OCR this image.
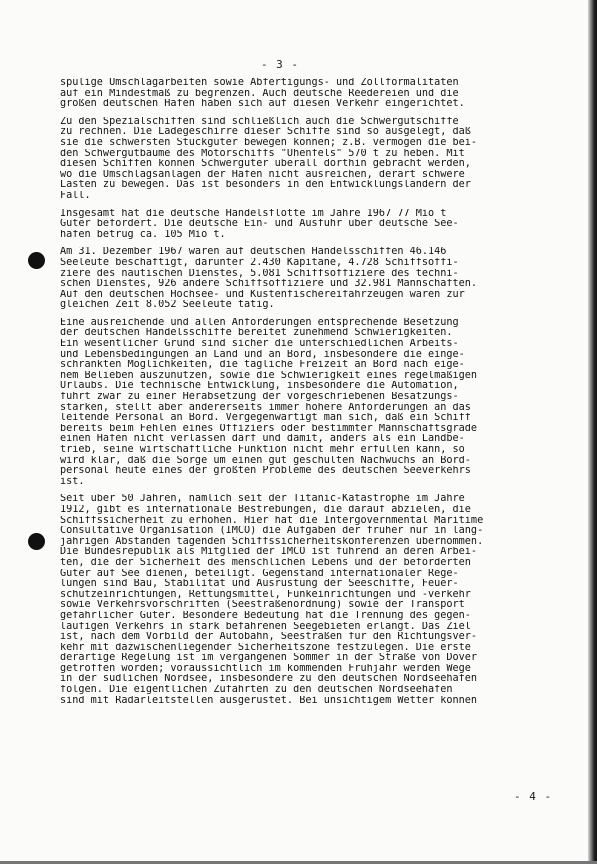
- 3 -

spülige Umschlagarbeiten sowie Abfertigungs- und Zollformalitäten
auf ein Mindestmaß zu begrenzen. Auch deutsche Reedereien und die
großen deutschen Häfen haben sich auf diesen Verkehr eingerichtet.

Zu den Spezialschiffen sind schließlich auch die Schwergutschiffe
zu rechnen. Die Ladegeschirre dieser Schiffe sind so ausgelegt, daß
sie die schwersten Stückgüter bewegen können; z.B. vermögen die bei-
den Schwergutbäume des Motorschiffs "Uhenfels" 570 t zu heben. Mit
diesen Schiffen können Schwergüter überall dorthin gebracht werden,
wo die Umschlagsanlagen der Häfen nicht ausreichen, derart schwere
Lasten zu bewegen. Das ist besonders in den Entwicklungsländern der
Fall.

Insgesamt hat die deutsche Handelsflotte im Jahre 1967 77 Mio t
Güter befördert. Die deutsche Ein- und Ausfuhr über deutsche See-
häfen betrug ca. 105 Mio t.

Am 31. Dezember 1967 waren auf deutschen Handelsschiffen 46.146
Seeleute beschäftigt, darunter 2.430 Kapitäne, 4.728 Schiffsoffi-
ziere des nautischen Dienstes, 5.081 Schiffsoffiziere des techni-
schen Dienstes, 926 andere Schiffsoffiziere und 32.981 Mannschaften.
Auf den deutschen Hochsee- und Küstenfischereifahrzeugen waren zur
gleichen Zeit 8.052 Seeleute tätig.

Eine ausreichende und allen Anforderungen entsprechende Besetzung
der deutschen Handelsschiffe bereitet zunehmend Schwierigkeiten.
Ein wesentlicher Grund sind sicher die unterschiedlichen Arbeits-
und Lebensbedingungen an Land und an Bord, insbesondere die einge-
schränkten Möglichkeiten, die tägliche Freizeit an Bord nach eige-
nem Belieben auszunutzen, sowie die Schwierigkeit eines regelmäßigen
Urlaubs. Die technische Entwicklung, insbesondere die Automation,
führt zwar zu einer Herabsetzung der vorgeschriebenen Besatzungs-
stärken, stellt aber andererseits immer höhere Anforderungen an das
leitende Personal an Bord. Vergegenwärtigt man sich, daß ein Schiff
bereits beim Fehlen eines Offiziers oder bestimmter Mannschaftsgrade
einen Hafen nicht verlassen darf und damit, anders als ein Landbe-
trieb, seine wirtschaftliche Funktion nicht mehr erfüllen kann, so
wird klar, daß die Sorge um einen gut geschulten Nachwuchs an Bord-
personal heute eines der größten Probleme des deutschen Seeverkehrs
ist.

Seit über 50 Jahren, nämlich seit der Titanic-Katastrophe im Jahre
1912, gibt es internationale Bestrebungen, die darauf abzielen, die
Schiffssicherheit zu erhöhen. Hier hat die Intergovernmental Maritime
Consultative Organisation (IMCO) die Aufgaben der früher nur in lang-
jährigen Abständen tagenden Schiffssicherheitskonferenzen übernommen.
Die Bundesrepublik als Mitglied der IMCO ist führend an deren Arbei-
ten, die der Sicherheit des menschlichen Lebens und der beförderten
Güter auf See dienen, beteiligt. Gegenstand internationaler Rege-
lungen sind Bau, Stabilität und Ausrüstung der Seeschiffe, Feuer-
schutzeinrichtungen, Rettungsmittel, Funkeinrichtungen und -verkehr
sowie Verkehrsvorschriften (Seestraßenordnung) sowie der Transport
gefährlicher Güter. Besondere Bedeutung hat die Trennung des gegen-
läufigen Verkehrs in stark befahrenen Seegebieten erlangt. Das Ziel
ist, nach dem Vorbild der Autobahn, Seestraßen für den Richtungsver-
kehr mit dazwischenliegender Sicherheitszone festzulegen. Die erste
derartige Regelung ist im vergangenen Sommer in der Straße von Dover
getroffen worden; voraussichtlich im kommenden Frühjahr werden Wege
in der südlichen Nordsee, insbesondere zu den deutschen Nordseehäfen
folgen. Die eigentlichen Zufahrten zu den deutschen Nordseehäfen
sind mit Radarleitstellen ausgerüstet. Bei unsichtigem Wetter können

- 4 -
